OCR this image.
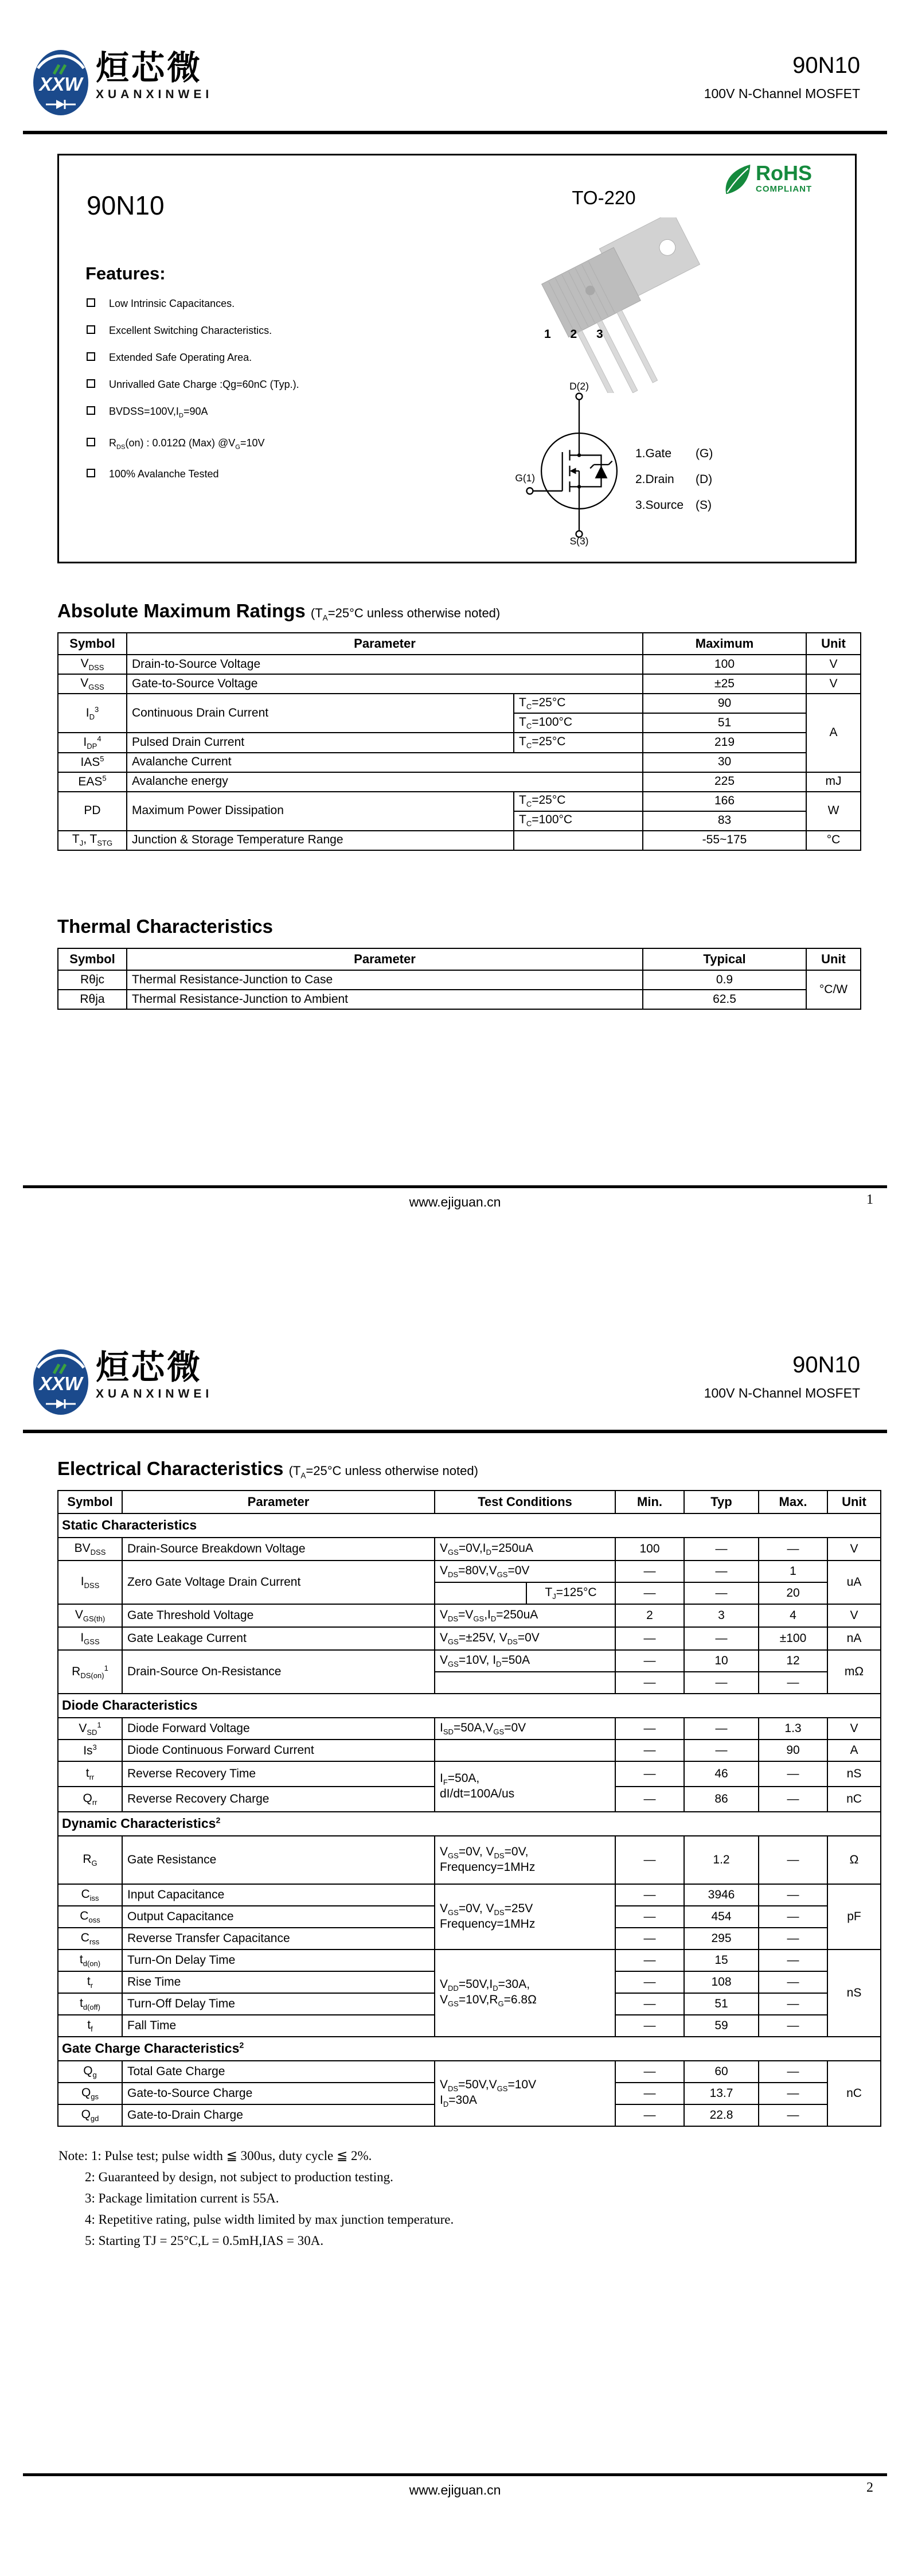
XXW 烜芯微
XUANXINWEI
90N10
100V N-Channel MOSFET
90N10
Features:
Low Intrinsic Capacitances.
Excellent Switching Characteristics.
Extended Safe Operating Area.
Unrivalled Gate Charge :Qg=60nC (Typ.).
$BVDSS=100V,I_D=90A$
$R_{DS}(on)$ : 0.012Ω (Max) $@V_G=10V$
100% Avalanche Tested
TO-220
RoHS
COMPLIANT
1 2 3
D(2)
G(1)
S(3)
1.Gate	(G)
2.Drain	(D)
3.Source (S)
Absolute Maximum Ratings ($T_A=25^\circ C$ unless otherwise noted)
Symbol	Parameter		Maximum	Unit
$V_{DSS}$	Drain-to-Source Voltage		100	V
$V_{GSS}$	Gate-to-Source Voltage		±25	V
$I_D^3$	Continuous Drain Current	$T_C=25^\circ C$	90	A
		$T_C=100^\circ C$	51	
$I_{DP}^4$	Pulsed Drain Current	$T_C=25^\circ C$	219	
IAS$^5$	Avalanche Current		30	
EAS$^5$	Avalanche energy		225	mJ
PD	Maximum Power Dissipation	$T_C=25^\circ C$	166	W
		$T_C=100^\circ C$	83	
$T_J$, $T_{STG}$	Junction & Storage Temperature Range		-55~175	°C
Thermal Characteristics
Symbol	Parameter	Typical	Unit
Rθjc	Thermal Resistance-Junction to Case	0.9	°C/W
Rθja	Thermal Resistance-Junction to Ambient	62.5	
www.ejiguan.cn	1
XXW 烜芯微
XUANXINWEI
90N10
100V N-Channel MOSFET
Electrical Characteristics ($T_A=25^\circ C$ unless otherwise noted)
Symbol	Parameter	Test Conditions		Min.	Typ	Max.	Unit
Static Characteristics							
$BV_{DSS}$	Drain-Source Breakdown Voltage	$V_{GS}=0V,I_D=250uA$		100	—	—	V
$I_{DSS}$	Zero Gate Voltage Drain Current	$V_{DS}=80V,V_{GS}=0V$		—	—	1	uA
			$T_J=125^\circ C$	—	—	20	
$V_{GS(th)}$	Gate Threshold Voltage	$V_{DS}=V_{GS},I_D=250uA$		2	3	4	V
$I_{GSS}$	Gate Leakage Current	$V_{GS}=\pm 25V$, $V_{DS}=0V$		—	—	±100	nA
$R_{DS(on)}^1$	Drain-Source On-Resistance	$V_{GS}=10V$, $I_D=50A$		—	10	12	mΩ
				—	—	—	
Diode Characteristics							
$V_{SD}^1$	Diode Forward Voltage	$I_{SD}=50A,V_{GS}=0V$		—	—	1.3	V
Is$^3$	Diode Continuous Forward Current			—	—	90	A
$t_{rr}$	Reverse Recovery Time	$I_F=50A$,
dI/dt=100A/us		—	46	—	nS
$Q_{rr}$	Reverse Recovery Charge			—	86	—	nC
Dynamic Characteristics$^2$
$R_G$	Gate Resistance	$V_{GS}=0V$, $V_{DS}=0V$,
Frequency=1MHz		—	1.2	—	Ω
$C_{iss}$	Input Capacitance	$V_{GS}=0V$, $V_{DS}=25V$
Frequency=1MHz		—	3946	—	pF
$C_{oss}$	Output Capacitance			—	454	—	
$C_{rss}$	Reverse Transfer Capacitance			—	295	—	
$t_{d(on)}$	Turn-On Delay Time	$V_{DD}=50V,I_D=30A$,
$V_{GS}=10V,R_G=6.8\Omega$		—	15	—	nS
$t_r$	Rise Time			—	108	—	
$t_{d(off)}$	Turn-Off Delay Time			—	51	—	
$t_f$	Fall Time			—	59	—	
Gate Charge Characteristics$^2$
$Q_g$	Total Gate Charge	$V_{DS}=50V,V_{GS}=10V$
$I_D=30A$		—	60	—	nC
$Q_{gs}$	Gate-to-Source Charge			—	13.7	—	
$Q_{gd}$	Gate-to-Drain Charge			—	22.8	—	
Note: 1: Pulse test; pulse width ≦ 300us, duty cycle ≦ 2%.
2: Guaranteed by design, not subject to production testing.
3: Package limitation current is 55A.
4: Repetitive rating, pulse width limited by max junction temperature.
5: Starting TJ = 25°C,L = 0.5mH,IAS = 30A.
www.ejiguan.cn	2
